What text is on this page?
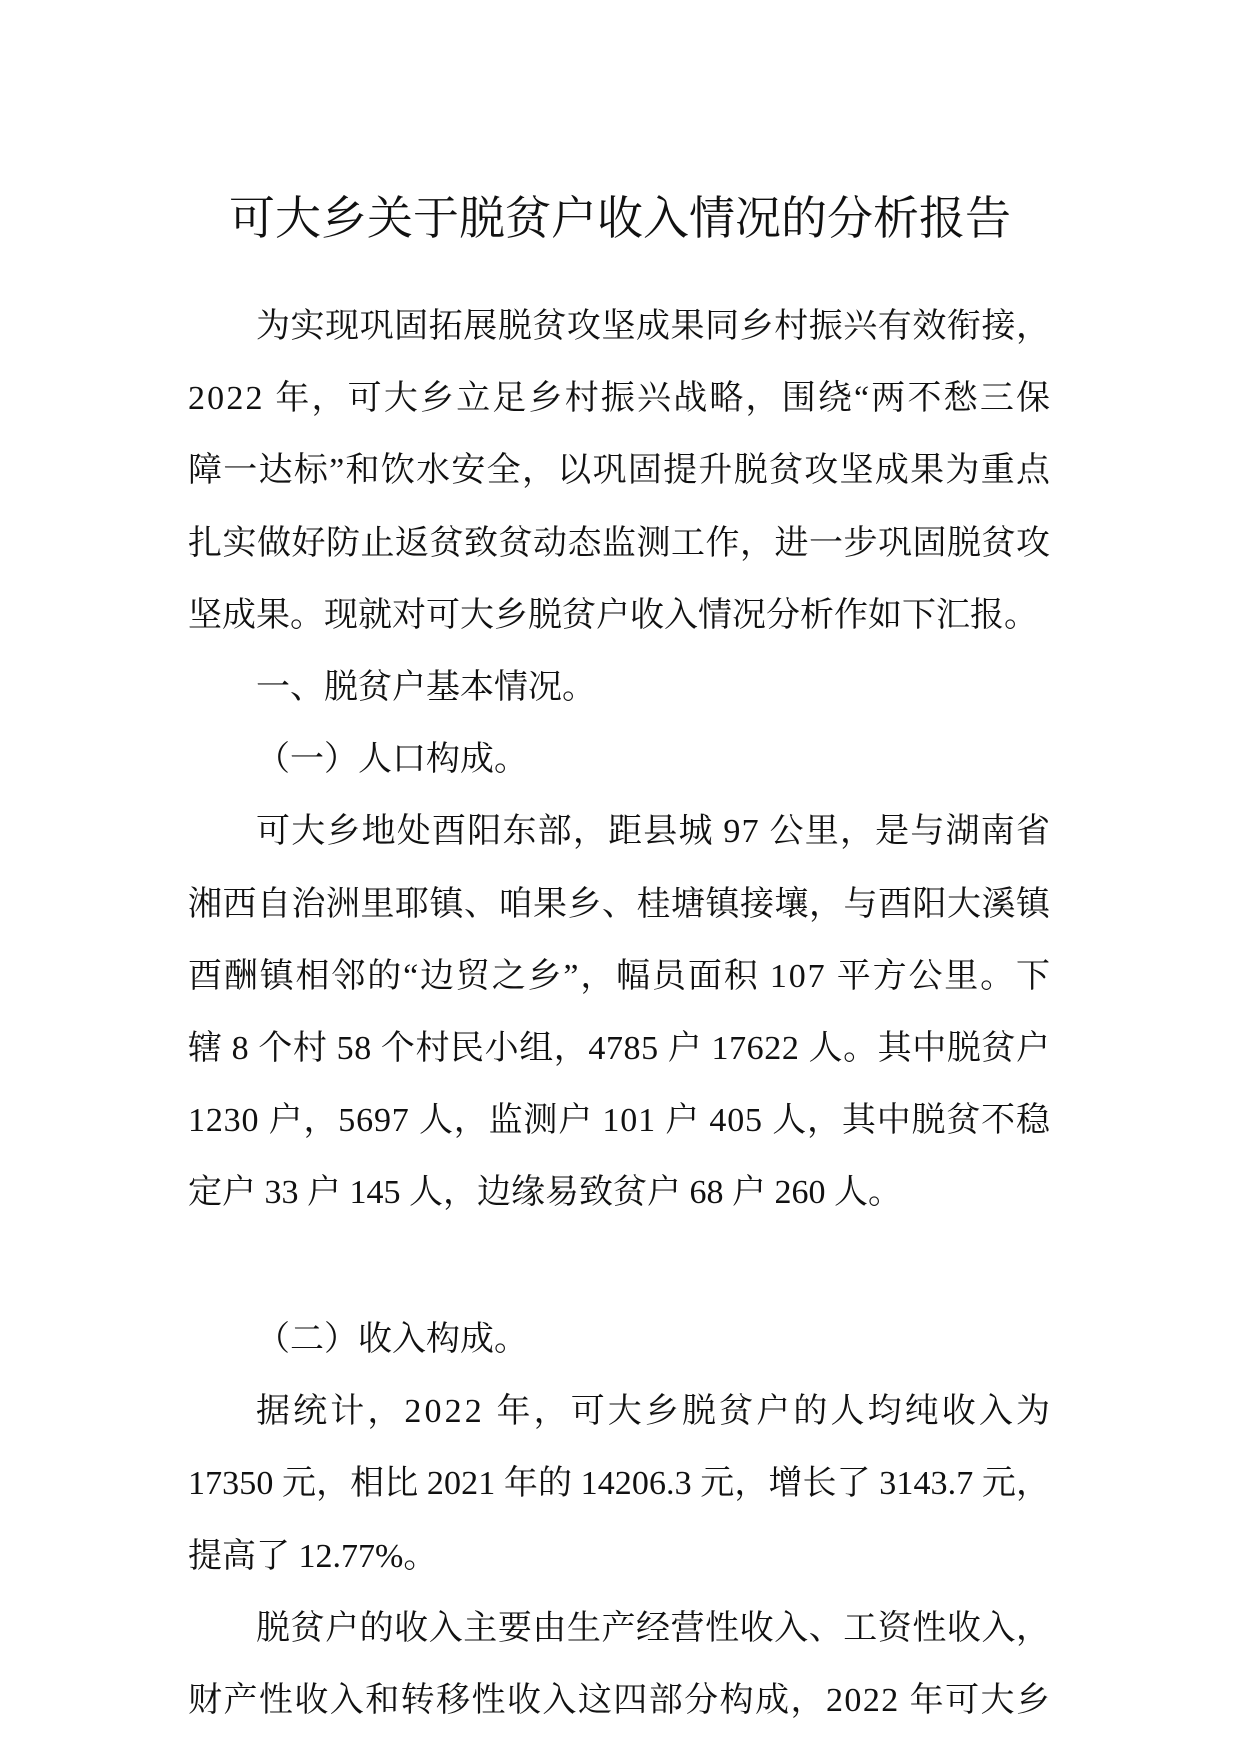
可大乡关于脱贫户收入情况的分析报告
为实现巩固拓展脱贫攻坚成果同乡村振兴有效衔接，
2022 年，可大乡立足乡村振兴战略，围绕“两不愁三保
障一达标”和饮水安全，以巩固提升脱贫攻坚成果为重点
扎实做好防止返贫致贫动态监测工作，进一步巩固脱贫攻
坚成果。现就对可大乡脱贫户收入情况分析作如下汇报。
一、脱贫户基本情况。
（一）人口构成。
可大乡地处酉阳东部，距县城 97 公里，是与湖南省
湘西自治洲里耶镇、咱果乡、桂塘镇接壤，与酉阳大溪镇
酉酬镇相邻的“边贸之乡”，幅员面积 107 平方公里。下
辖 8 个村 58 个村民小组，4785 户 17622 人。其中脱贫户
1230 户，5697 人，监测户 101 户 405 人，其中脱贫不稳
定户 33 户 145 人，边缘易致贫户 68 户 260 人。
（二）收入构成。
据统计，2022 年，可大乡脱贫户的人均纯收入为
17350 元，相比 2021 年的 14206.3 元，增长了 3143.7 元，
提高了 12.77%。
脱贫户的收入主要由生产经营性收入、工资性收入，
财产性收入和转移性收入这四部分构成，2022 年可大乡
